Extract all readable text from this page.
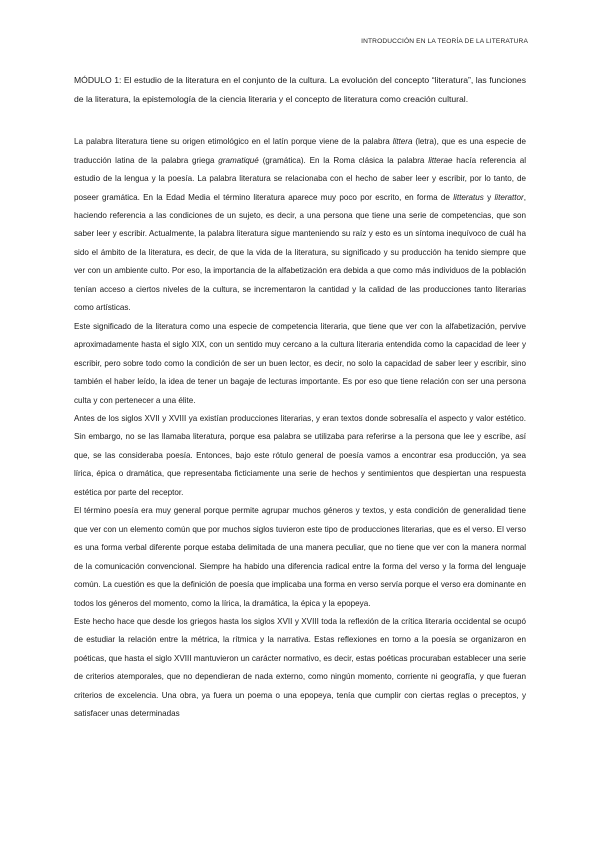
INTRODUCCIÓN EN LA TEORÍA DE LA LITERATURA
MÓDULO 1: El estudio de la literatura en el conjunto de la cultura. La evolución del concepto “literatura”, las funciones de la literatura, la epistemología de la ciencia literaria y el concepto de literatura como creación cultural.

La palabra literatura tiene su origen etimológico en el latín porque viene de la palabra littera (letra), que es una especie de traducción latina de la palabra griega gramatiqué (gramática). En la Roma clásica la palabra litterae hacía referencia al estudio de la lengua y la poesía. La palabra literatura se relacionaba con el hecho de saber leer y escribir, por lo tanto, de poseer gramática. En la Edad Media el término literatura aparece muy poco por escrito, en forma de litteratus y literattor, haciendo referencia a las condiciones de un sujeto, es decir, a una persona que tiene una serie de competencias, que son saber leer y escribir. Actualmente, la palabra literatura sigue manteniendo su raíz y esto es un síntoma inequívoco de cuál ha sido el ámbito de la literatura, es decir, de que la vida de la literatura, su significado y su producción ha tenido siempre que ver con un ambiente culto. Por eso, la importancia de la alfabetización era debida a que como más individuos de la población tenían acceso a ciertos niveles de la cultura, se incrementaron la cantidad y la calidad de las producciones tanto literarias como artísticas.

Este significado de la literatura como una especie de competencia literaria, que tiene que ver con la alfabetización, pervive aproximadamente hasta el siglo XIX, con un sentido muy cercano a la cultura literaria entendida como la capacidad de leer y escribir, pero sobre todo como la condición de ser un buen lector, es decir, no solo la capacidad de saber leer y escribir, sino también el haber leído, la idea de tener un bagaje de lecturas importante. Es por eso que tiene relación con ser una persona culta y con pertenecer a una élite.

Antes de los siglos XVII y XVIII ya existían producciones literarias, y eran textos donde sobresalía el aspecto y valor estético. Sin embargo, no se las llamaba literatura, porque esa palabra se utilizaba para referirse a la persona que lee y escribe, así que, se las consideraba poesía. Entonces, bajo este rótulo general de poesía vamos a encontrar esa producción, ya sea lírica, épica o dramática, que representaba ficticiamente una serie de hechos y sentimientos que despiertan una respuesta estética por parte del receptor.

El término poesía era muy general porque permite agrupar muchos géneros y textos, y esta condición de generalidad tiene que ver con un elemento común que por muchos siglos tuvieron este tipo de producciones literarias, que es el verso. El verso es una forma verbal diferente porque estaba delimitada de una manera peculiar, que no tiene que ver con la manera normal de la comunicación convencional. Siempre ha habido una diferencia radical entre la forma del verso y la forma del lenguaje común. La cuestión es que la definición de poesía que implicaba una forma en verso servía porque el verso era dominante en todos los géneros del momento, como la lírica, la dramática, la épica y la epopeya.

Este hecho hace que desde los griegos hasta los siglos XVII y XVIII toda la reflexión de la crítica literaria occidental se ocupó de estudiar la relación entre la métrica, la rítmica y la narrativa. Estas reflexiones en torno a la poesía se organizaron en poéticas, que hasta el siglo XVIII mantuvieron un carácter normativo, es decir, estas poéticas procuraban establecer una serie de criterios atemporales, que no dependieran de nada externo, como ningún momento, corriente ni geografía, y que fueran criterios de excelencia. Una obra, ya fuera un poema o una epopeya, tenía que cumplir con ciertas reglas o preceptos, y satisfacer unas determinadas
